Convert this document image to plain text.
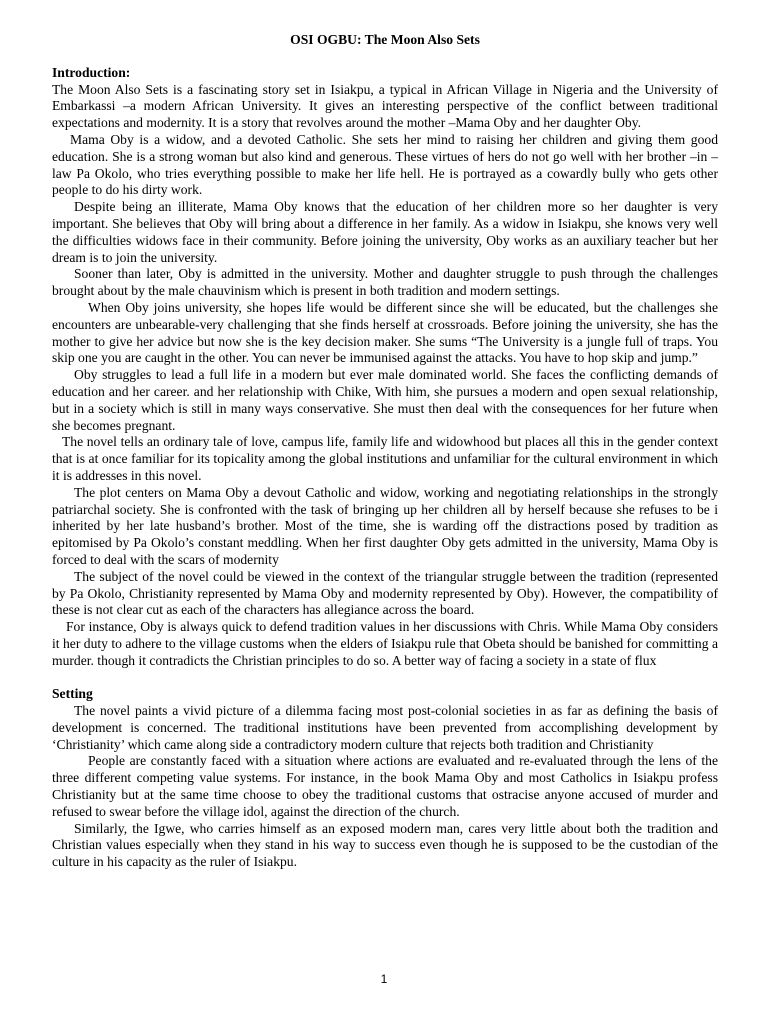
OSI OGBU: The Moon Also Sets

Introduction:

The Moon Also Sets is a fascinating story set in Isiakpu, a typical in African Village in Nigeria and the University of Embarkassi –a modern African University. It gives an interesting perspective of the conflict between traditional expectations and modernity. It is a story that revolves around the mother –Mama Oby and her daughter Oby.

Mama Oby is a widow, and a devoted Catholic. She sets her mind to raising her children and giving them good education. She is a strong woman but also kind and generous. These virtues of hers do not go well with her brother –in –law Pa Okolo, who tries everything possible to make her life hell. He is portrayed as a cowardly bully who gets other people to do his dirty work.

Despite being an illiterate, Mama Oby knows that the education of her children more so her daughter is very important. She believes that Oby will bring about a difference in her family. As a widow in Isiakpu, she knows very well the difficulties widows face in their community. Before joining the university, Oby works as an auxiliary teacher but her dream is to join the university.

Sooner than later, Oby is admitted in the university. Mother and daughter struggle to push through the challenges brought about by the male chauvinism which is present in both tradition and modern settings.

When Oby joins university, she hopes life would be different since she will be educated, but the challenges she encounters are unbearable-very challenging that she finds herself at crossroads. Before joining the university, she has the mother to give her advice but now she is the key decision maker. She sums “The University is a jungle full of traps. You skip one you are caught in the other. You can never be immunised against the attacks. You have to hop skip and jump.”

Oby struggles to lead a full life in a modern but ever male dominated world. She faces the conflicting demands of education and her career. and her relationship with Chike, With him, she pursues a modern and open sexual relationship, but in a society which is still in many ways conservative. She must then deal with the consequences for her future when she becomes pregnant.

The novel tells an ordinary tale of love, campus life, family life and widowhood but places all this in the gender context that is at once familiar for its topicality among the global institutions and unfamiliar for the cultural environment in which it is addresses in this novel.

The plot centers on Mama Oby a devout Catholic and widow, working and negotiating relationships in the strongly patriarchal society. She is confronted with the task of bringing up her children all by herself because she refuses to be i inherited by her late husband’s brother. Most of the time, she is warding off the distractions posed by tradition as epitomised by Pa Okolo’s constant meddling. When her first daughter Oby gets admitted in the university, Mama Oby is forced to deal with the scars of modernity

The subject of the novel could be viewed in the context of the triangular struggle between the tradition (represented by Pa Okolo, Christianity represented by Mama Oby and modernity represented by Oby). However, the compatibility of these is not clear cut as each of the characters has allegiance across the board.

For instance, Oby is always quick to defend tradition values in her discussions with Chris. While Mama Oby considers it her duty to adhere to the village customs when the elders of Isiakpu rule that Obeta should be banished for committing a murder. though it contradicts the Christian principles to do so. A better way of facing a society in a state of flux

Setting

The novel paints a vivid picture of a dilemma facing most post-colonial societies in as far as defining the basis of development is concerned. The traditional institutions have been prevented from accomplishing development by ‘Christianity’ which came along side a contradictory modern culture that rejects both tradition and Christianity

People are constantly faced with a situation where actions are evaluated and re-evaluated through the lens of the three different competing value systems. For instance, in the book Mama Oby and most Catholics in Isiakpu profess Christianity but at the same time choose to obey the traditional customs that ostracise anyone accused of murder and refused to swear before the village idol, against the direction of the church.

Similarly, the Igwe, who carries himself as an exposed modern man, cares very little about both the tradition and Christian values especially when they stand in his way to success even though he is supposed to be the custodian of the culture in his capacity as the ruler of Isiakpu.

1
